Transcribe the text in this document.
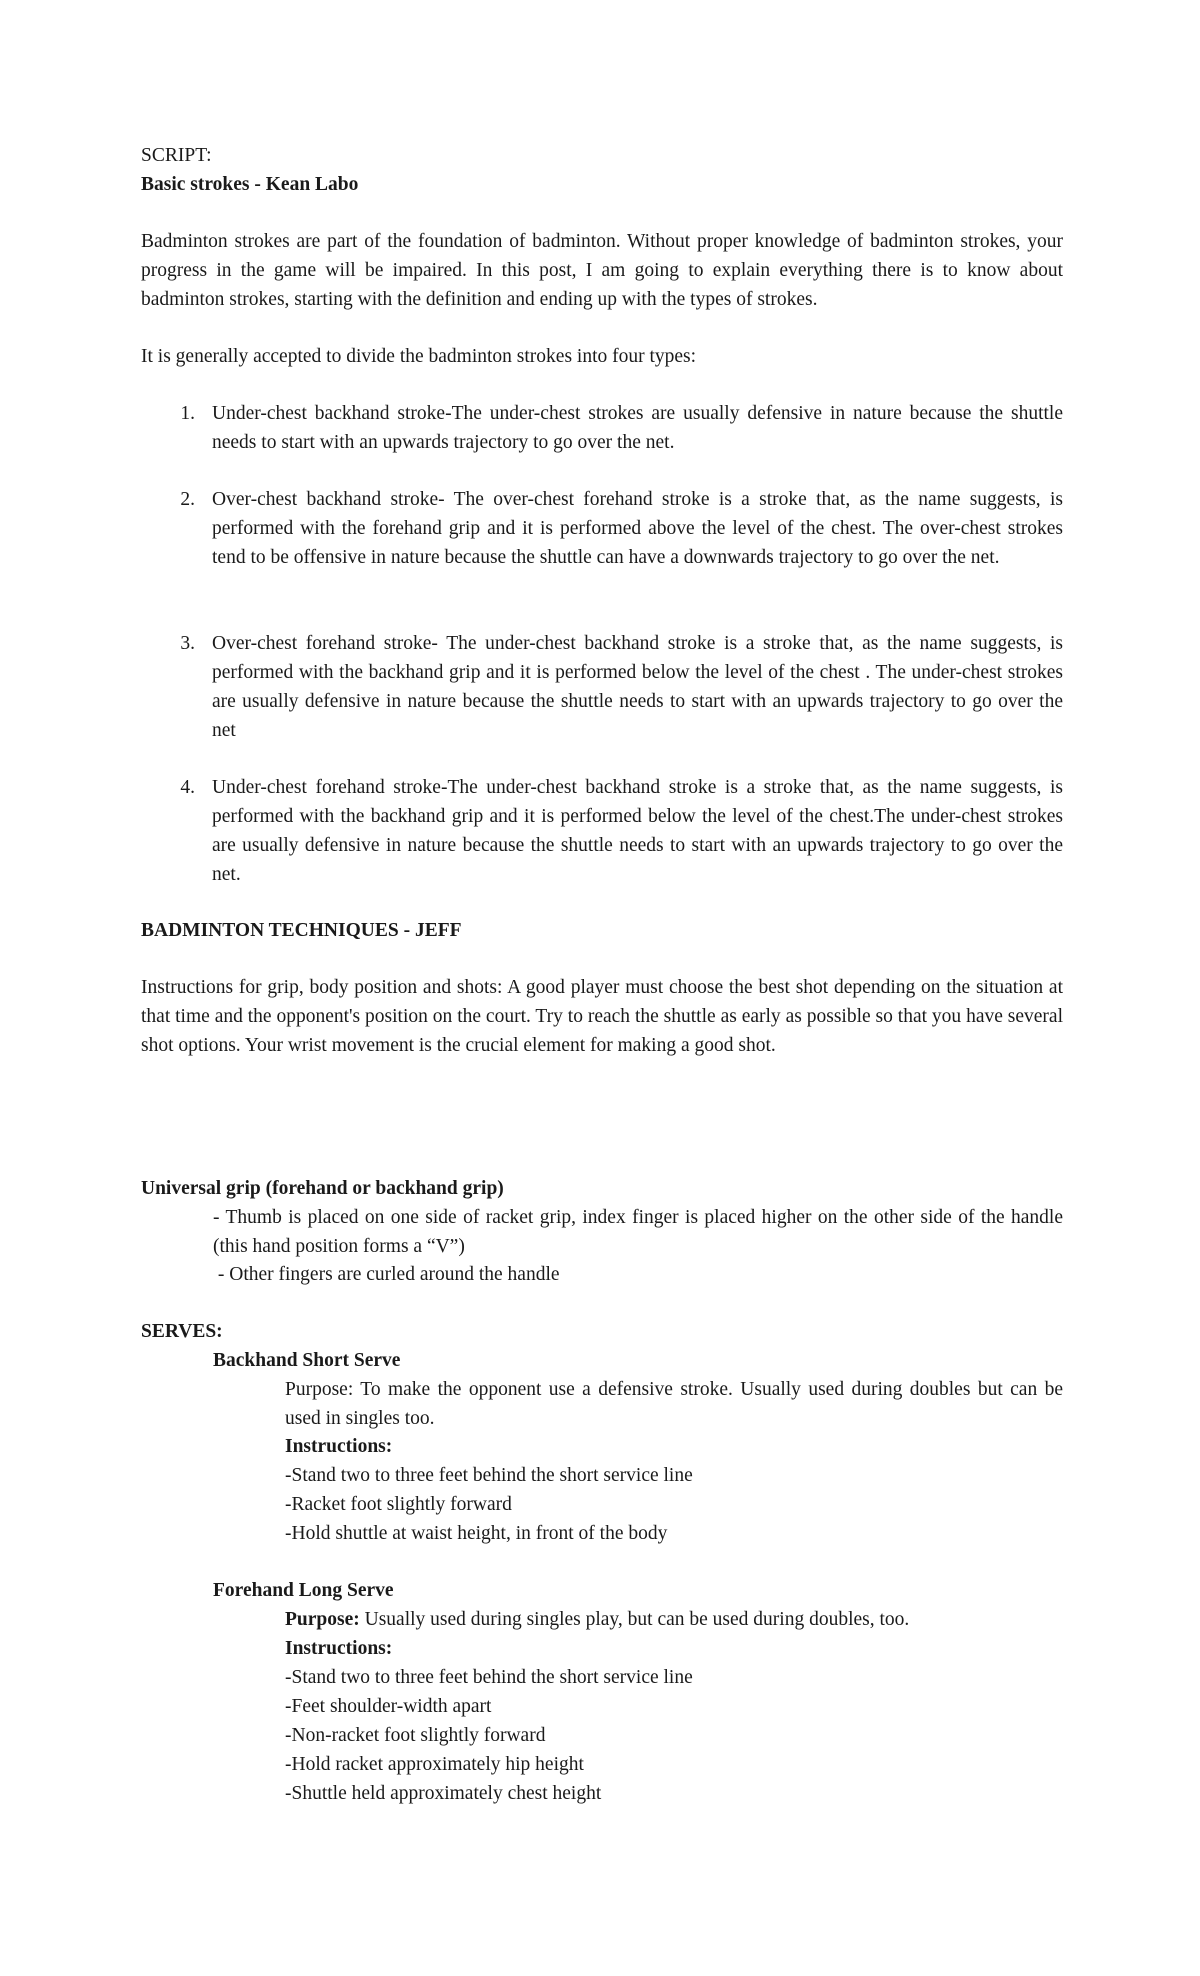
SCRIPT:

Basic strokes - Kean Labo

Badminton strokes are part of the foundation of badminton. Without proper knowledge of badminton strokes, your progress in the game will be impaired. In this post, I am going to explain everything there is to know about badminton strokes, starting with the definition and ending up with the types of strokes.

It is generally accepted to divide the badminton strokes into four types:

1. Under-chest backhand stroke-The under-chest strokes are usually defensive in nature because the shuttle needs to start with an upwards trajectory to go over the net.

2. Over-chest backhand stroke- The over-chest forehand stroke is a stroke that, as the name suggests, is performed with the forehand grip and it is performed above the level of the chest. The over-chest strokes tend to be offensive in nature because the shuttle can have a downwards trajectory to go over the net.

3. Over-chest forehand stroke- The under-chest backhand stroke is a stroke that, as the name suggests, is performed with the backhand grip and it is performed below the level of the chest . The under-chest strokes are usually defensive in nature because the shuttle needs to start with an upwards trajectory to go over the net

4. Under-chest forehand stroke-The under-chest backhand stroke is a stroke that, as the name suggests, is performed with the backhand grip and it is performed below the level of the chest.The under-chest strokes are usually defensive in nature because the shuttle needs to start with an upwards trajectory to go over the net.

BADMINTON TECHNIQUES - JEFF

Instructions for grip, body position and shots: A good player must choose the best shot depending on the situation at that time and the opponent's position on the court. Try to reach the shuttle as early as possible so that you have several shot options. Your wrist movement is the crucial element for making a good shot.

Universal grip (forehand or backhand grip)

- Thumb is placed on one side of racket grip, index finger is placed higher on the other side of the handle (this hand position forms a “V”)

- Other fingers are curled around the handle

SERVES:

Backhand Short Serve

Purpose: To make the opponent use a defensive stroke. Usually used during doubles but can be used in singles too.

Instructions:

-Stand two to three feet behind the short service line

-Racket foot slightly forward

-Hold shuttle at waist height, in front of the body

Forehand Long Serve

Purpose: Usually used during singles play, but can be used during doubles, too.

Instructions:

-Stand two to three feet behind the short service line

-Feet shoulder-width apart

-Non-racket foot slightly forward

-Hold racket approximately hip height

-Shuttle held approximately chest height
